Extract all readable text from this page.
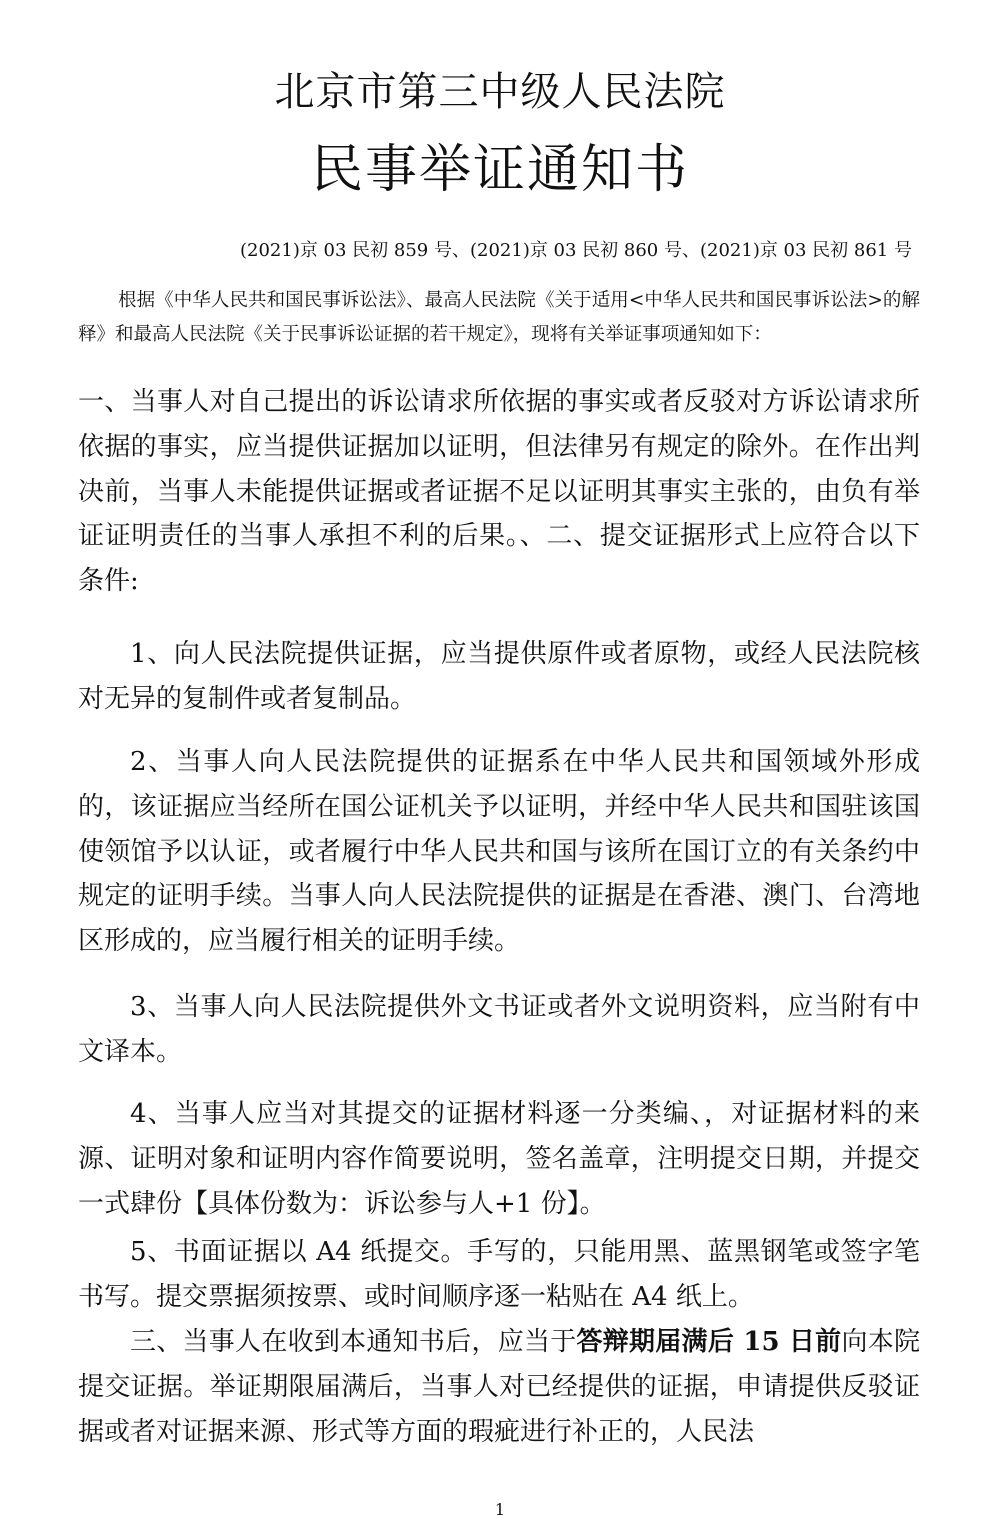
北京市第三中级人民法院
民事举证通知书
(2021)京 03 民初 859 号、(2021)京 03 民初 860 号、(2021)京 03 民初 861 号
根据《中华人民共和国民事诉讼法》、最高人民法院《关于适用<中华人民共和国民事诉讼法>的解释》和最高人民法院《关于民事诉讼证据的若干规定》，现将有关举证事项通知如下：
一、当事人对自己提出的诉讼请求所依据的事实或者反驳对方诉讼请求所依据的事实，应当提供证据加以证明，但法律另有规定的除外。在作出判决前，当事人未能提供证据或者证据不足以证明其事实主张的，由负有举证证明责任的当事人承担不利的后果。、二、提交证据形式上应符合以下条件:
1、向人民法院提供证据，应当提供原件或者原物，或经人民法院核对无异的复制件或者复制品。
2、当事人向人民法院提供的证据系在中华人民共和国领域外形成的，该证据应当经所在国公证机关予以证明，并经中华人民共和国驻该国使领馆予以认证，或者履行中华人民共和国与该所在国订立的有关条约中规定的证明手续。当事人向人民法院提供的证据是在香港、澳门、台湾地区形成的，应当履行相关的证明手续。
3、当事人向人民法院提供外文书证或者外文说明资料，应当附有中文译本。
4、当事人应当对其提交的证据材料逐一分类编、，对证据材料的来源、证明对象和证明内容作简要说明，签名盖章，注明提交日期，并提交一式肆份【具体份数为：诉讼参与人+1 份】。
5、书面证据以 A4 纸提交。手写的，只能用黑、蓝黑钢笔或签字笔书写。提交票据须按票、或时间顺序逐一粘贴在 A4 纸上。
三、当事人在收到本通知书后，应当于答辩期届满后 15 日前向本院提交证据。举证期限届满后，当事人对已经提供的证据，申请提供反驳证据或者对证据来源、形式等方面的瑕疵进行补正的，人民法
1
